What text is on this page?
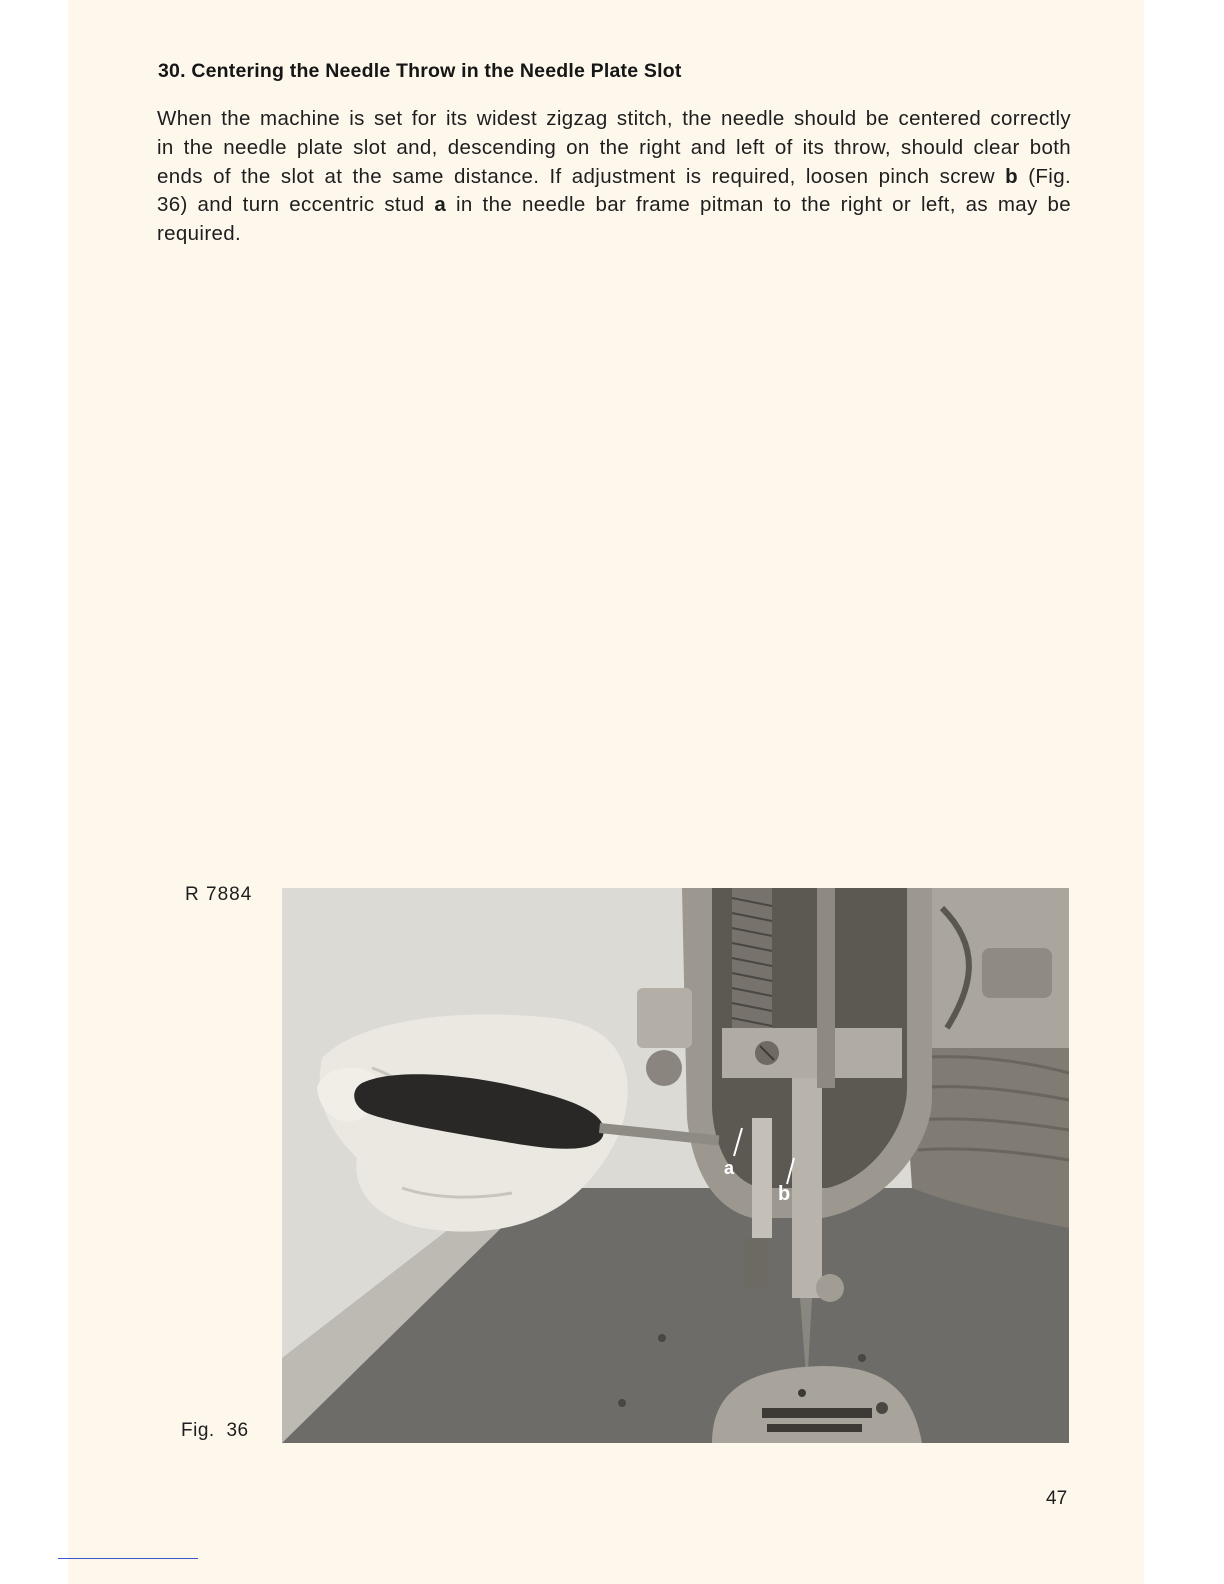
30. Centering the Needle Throw in the Needle Plate Slot

When the machine is set for its widest zigzag stitch, the needle should be centered correctly in the needle plate slot and, descending on the right and left of its throw, should clear both ends of the slot at the same distance. If adjustment is required, loosen pinch screw b (Fig. 36) and turn eccentric stud a in the needle bar frame pitman to the right or left, as may be required.

R 7884
a
b
Fig. 36
47
